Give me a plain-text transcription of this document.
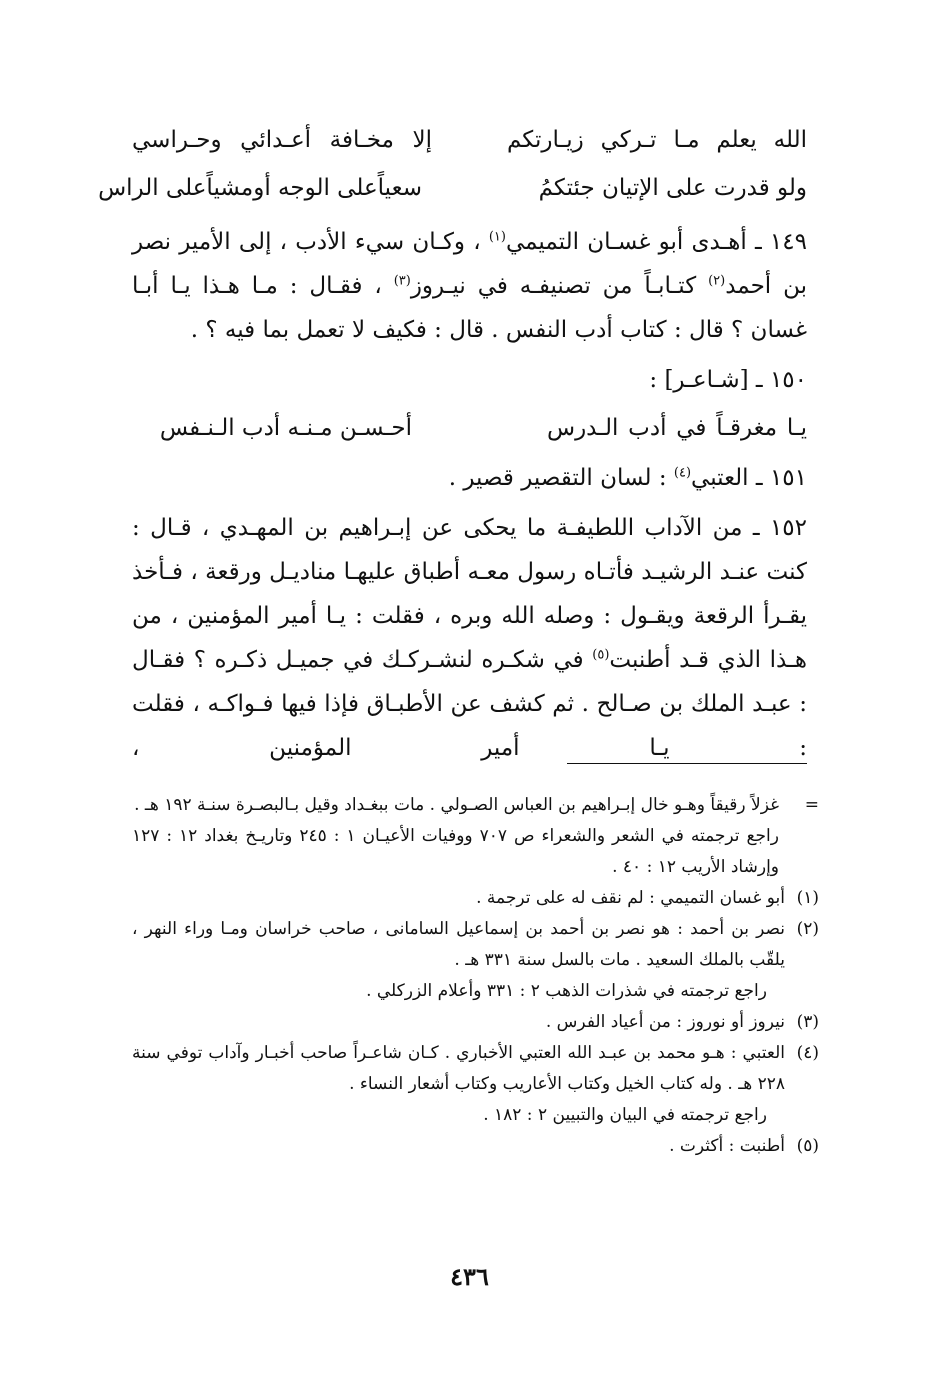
الله يعلم مـا تـركي زيـارتكم
إلا مخـافة أعـدائي وحـراسي
ولو قدرت على الإتيان جئتكمُ
سعياًعلى الوجه أومشياًعلى الراس

١٤٩ ـ أهـدى أبو غسـان التميمي$^{(١)}$ ، وكـان سيء الأدب ، إلى الأمير نصر بن أحمد$^{(٢)}$ كتـابـاً من تصنيفـه في نيـروز$^{(٣)}$ ، فقـال : مـا هـذا يـا أبـا غسان ؟ قال : كتاب أدب النفس . قال : فكيف لا تعمل بما فيه ؟ .

١٥٠ ـ [شـاعـر] :
يـا مغرقـاً في أدب الـدرس
أحـسـن مـنـه أدب الـنـفس
١٥١ ـ العتبي$^{(٤)}$ : لسان التقصير قصير .

١٥٢ ـ من الآداب اللطيفـة ما يحكى عن إبـراهيم بن المهـدي ، قـال : كنت عنـد الرشيـد فأتـاه رسول معـه أطباق عليهـا مناديـل ورقعة ، فـأخذ يقـرأ الرقعة ويقـول : وصله الله وبره ، فقلت : يـا أمير المؤمنين ، من هـذا الذي قـد أطنبت$^{(٥)}$ في شكـره لنشـركـك في جميـل ذكـره ؟ فقـال : عبـد الملك بن صـالح . ثم كشف عن الأطبـاق فإذا فيها فـواكـه ، فقلت : يـا أمير المؤمنين ،

=
غزلاً رقيقاً وهـو خال إبـراهيم بن العباس الصـولي . مات ببغـداد وقيل بـالبصـرة سنـة ١٩٢ هـ .
راجع ترجمته في الشعر والشعراء ص ٧٠٧ ووفيات الأعيـان ١ : ٢٤٥ وتاريـخ بغداد ١٢ : ١٢٧ وإرشاد الأريب ١٢ : ٤٠ .
(١)
أبو غسان التميمي : لم نقف له على ترجمة .
(٢)
نصر بن أحمد : هو نصر بن أحمد بن إسماعيل السامانى ، صاحب خراسان ومـا وراء النهر ، يلقّب بالملك السعيد . مات بالسل سنة ٣٣١ هـ .
راجع ترجمته في شذرات الذهب ٢ : ٣٣١ وأعلام الزركلي .
(٣)
نيروز أو نوروز : من أعياد الفرس .
(٤)
العتبي : هـو محمد بن عبـد الله العتبي الأخباري . كـان شاعـراً صاحب أخبـار وآداب توفي سنة ٢٢٨ هـ . وله كتاب الخيل وكتاب الأعاريب وكتاب أشعار النساء .
راجع ترجمته في البيان والتبيين ٢ : ١٨٢ .
(٥)
أطنبت : أكثرت .
٤٣٦
